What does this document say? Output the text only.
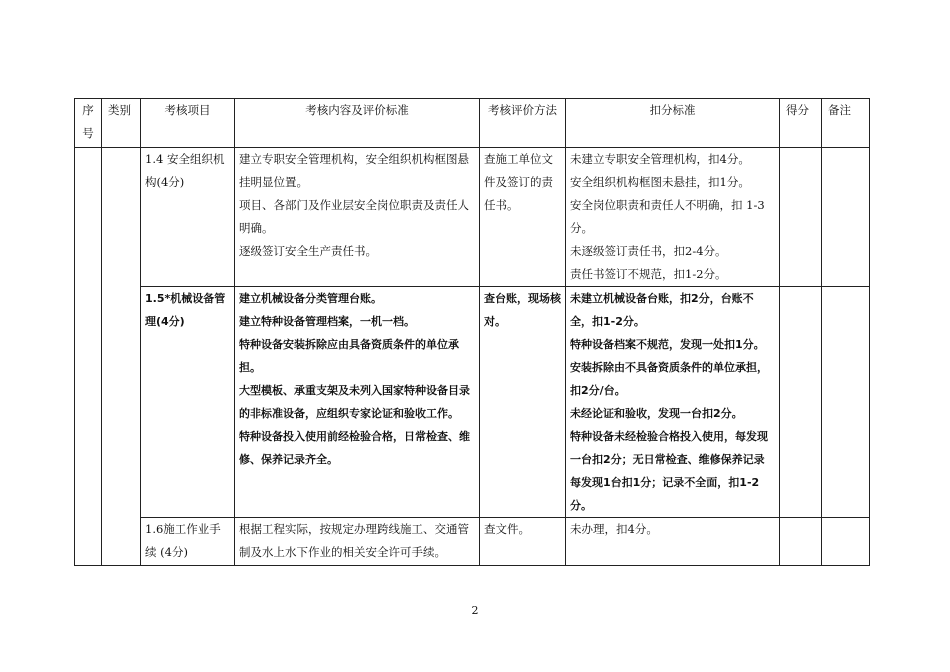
序号	类别	考核项目	考核内容及评价标准	考核评价方法	扣分标准	得分	备注
		1.4 安全组织机构(4分)	建立专职安全管理机构，安全组织机构框图悬挂明显位置。
项目、各部门及作业层安全岗位职责及责任人明确。
逐级签订安全生产责任书。	查施工单位文件及签订的责任书。	未建立专职安全管理机构，扣4分。
安全组织机构框图未悬挂，扣1分。
安全岗位职责和责任人不明确，扣 1-3分。
未逐级签订责任书，扣2-4分。
责任书签订不规范，扣1-2分。		

		1.5*机械设备管理(4分)	建立机械设备分类管理台账。
建立特种设备管理档案，一机一档。
特种设备安装拆除应由具备资质条件的单位承担。
大型模板、承重支架及未列入国家特种设备目录的非标准设备，应组织专家论证和验收工作。
特种设备投入使用前经检验合格，日常检查、维修、保养记录齐全。	查台账，现场核对。	未建立机械设备台账，扣2分，台账不全，扣1-2分。
特种设备档案不规范，发现一处扣1分。
安装拆除由不具备资质条件的单位承担，扣2分/台。
未经论证和验收，发现一台扣2分。
特种设备未经检验合格投入使用，每发现一台扣2分；无日常检查、维修保养记录每发现1台扣1分；记录不全面，扣1-2分。		

		1.6施工作业手续 (4分)	根据工程实际，按规定办理跨线施工、交通管制及水上水下作业的相关安全许可手续。	查文件。	未办理，扣4分。		

2
